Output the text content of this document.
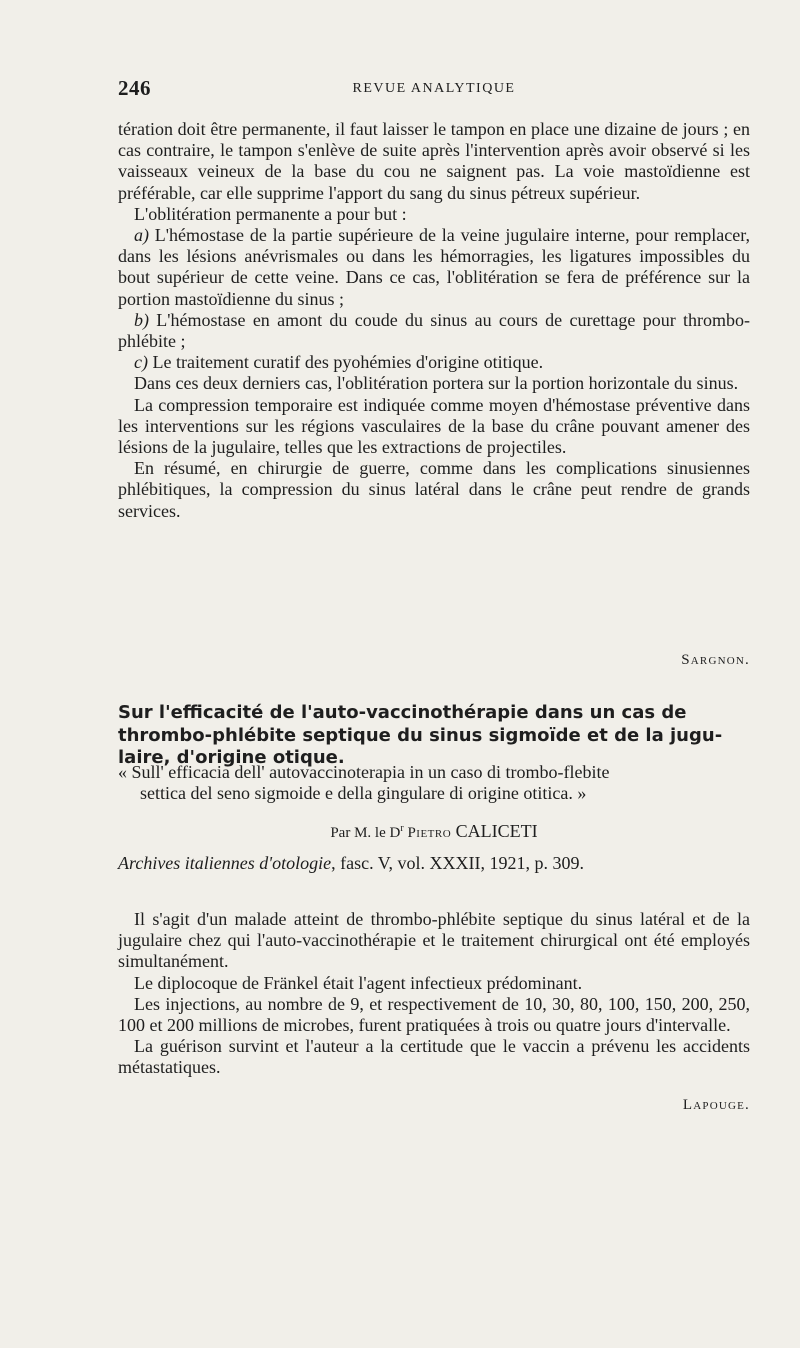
246	REVUE ANALYTIQUE

tération doit être permanente, il faut laisser le tampon en place une dizaine de jours ; en cas contraire, le tampon s'enlève de suite après l'intervention après avoir observé si les vaisseaux veineux de la base du cou ne saignent pas. La voie mastoïdienne est préférable, car elle supprime l'apport du sang du sinus pétreux supérieur.

L'oblitération permanente a pour but :

a) L'hémostase de la partie supérieure de la veine jugulaire interne, pour remplacer, dans les lésions anévrismales ou dans les hémorragies, les ligatures impossibles du bout supérieur de cette veine. Dans ce cas, l'oblitération se fera de préférence sur la portion mastoïdienne du sinus ;

b) L'hémostase en amont du coude du sinus au cours de curettage pour thrombo-phlébite ;

c) Le traitement curatif des pyohémies d'origine otitique.

Dans ces deux derniers cas, l'oblitération portera sur la portion horizontale du sinus.

La compression temporaire est indiquée comme moyen d'hémostase préventive dans les interventions sur les régions vasculaires de la base du crâne pouvant amener des lésions de la jugulaire, telles que les extractions de projectiles.

En résumé, en chirurgie de guerre, comme dans les complications sinusiennes phlébitiques, la compression du sinus latéral dans le crâne peut rendre de grands services.

Sargnon.

Sur l'efficacité de l'auto-vaccinothérapie dans un cas de
thrombo-phlébite septique du sinus sigmoïde et de la jugu-
laire, d'origine otique.

« Sull' efficacia dell' autovaccinoterapia in un caso di trombo-flebite
settica del seno sigmoide e della gingulare di origine otitica. »

Par M. le $D^r$ Pietro CALICETI

Archives italiennes d'otologie, fasc. V, vol. XXXII, 1921, p. 309.

Il s'agit d'un malade atteint de thrombo-phlébite septique du sinus latéral et de la jugulaire chez qui l'auto-vaccinothérapie et le traitement chirurgical ont été employés simultanément.

Le diplocoque de Fränkel était l'agent infectieux prédominant.

Les injections, au nombre de 9, et respectivement de 10, 30, 80, 100, 150, 200, 250, 100 et 200 millions de microbes, furent pratiquées à trois ou quatre jours d'intervalle.

La guérison survint et l'auteur a la certitude que le vaccin a prévenu les accidents métastatiques.

Lapouge.
